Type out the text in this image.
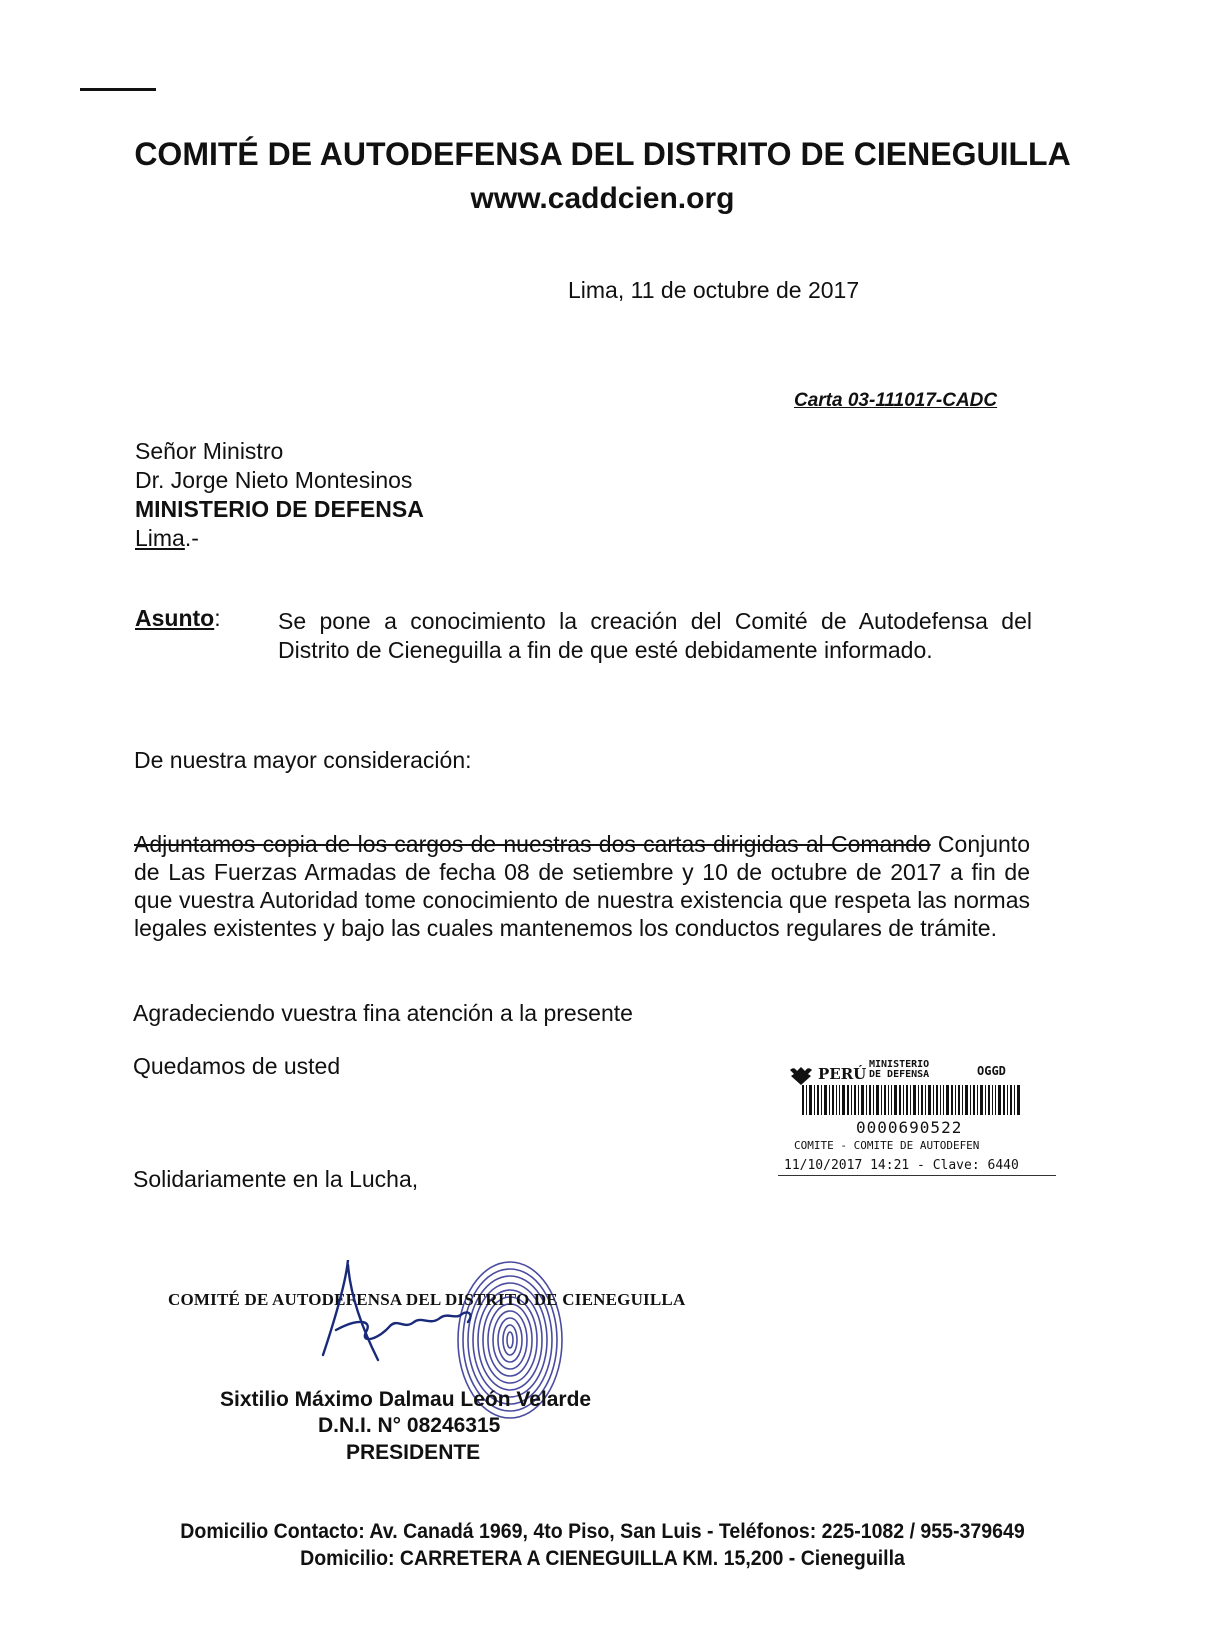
COMITÉ DE AUTODEFENSA DEL DISTRITO DE CIENEGUILLA
www.caddcien.org
Lima, 11 de octubre de 2017
Carta 03-111017-CADC
Señor Ministro
Dr. Jorge Nieto Montesinos
MINISTERIO DE DEFENSA
Lima.-
Asunto: Se pone a conocimiento la creación del Comité de Autodefensa del Distrito de Cieneguilla a fin de que esté debidamente informado.
De nuestra mayor consideración:
Adjuntamos copia de los cargos de nuestras dos cartas dirigidas al Comando Conjunto de Las Fuerzas Armadas de fecha 08 de setiembre y 10 de octubre de 2017 a fin de que vuestra Autoridad tome conocimiento de nuestra existencia que respeta las normas legales existentes y bajo las cuales mantenemos los conductos regulares de trámite.
Agradeciendo vuestra fina atención a la presente
Quedamos de usted
Solidariamente en la Lucha,
PERÚ
MINISTERIO
DE DEFENSA	OGGD
0000690522
COMITE - COMITE DE AUTODEFEN
11/10/2017 14:21 - Clave: 6440
COMITÉ DE AUTODEFENSA DEL DISTRITO DE CIENEGUILLA
Sixtilio Máximo Dalmau León Velarde
D.N.I. N° 08246315
PRESIDENTE
Domicilio Contacto: Av. Canadá 1969, 4to Piso, San Luis - Teléfonos: 225-1082 / 955-379649
Domicilio: CARRETERA A CIENEGUILLA KM. 15,200 - Cieneguilla
